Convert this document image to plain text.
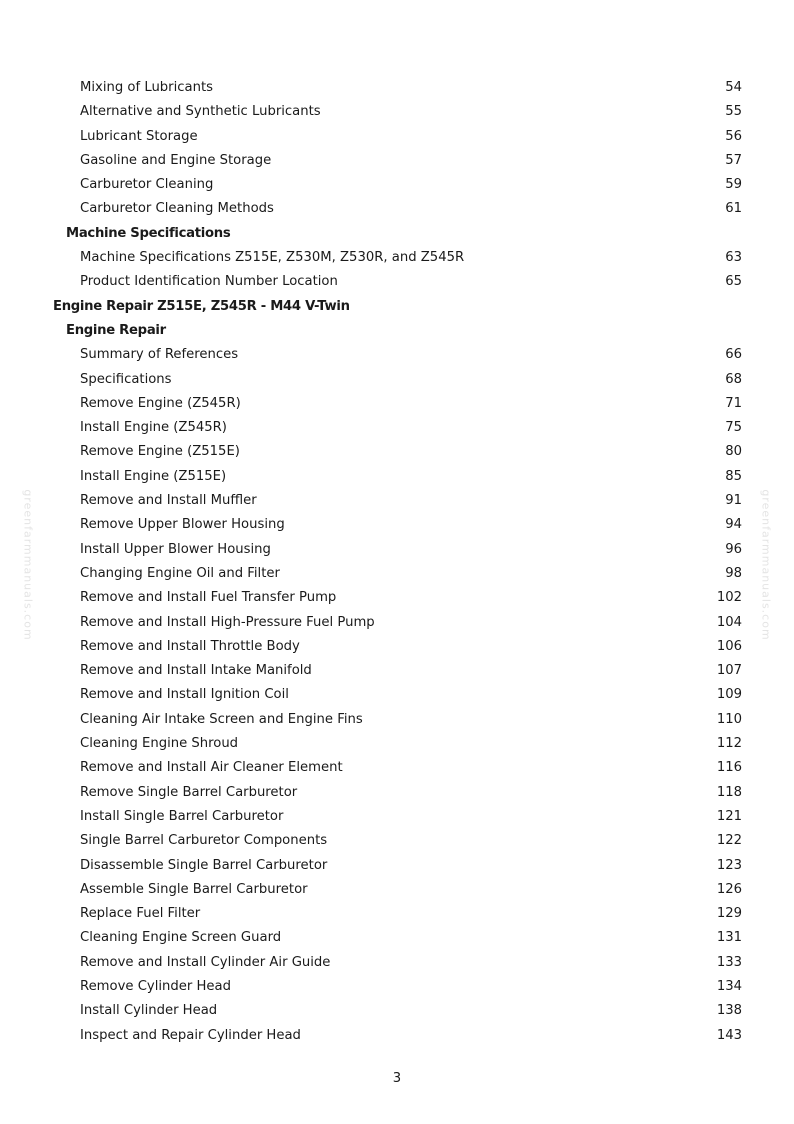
greenfarmmanuals.com	greenfarmmanuals.com
Mixing of Lubricants	54
Alternative and Synthetic Lubricants	55
Lubricant Storage	56
Gasoline and Engine Storage	57
Carburetor Cleaning	59
Carburetor Cleaning Methods	61
Machine Specifications
Machine Specifications Z515E, Z530M, Z530R, and Z545R	63
Product Identification Number Location	65
Engine Repair Z515E, Z545R - M44 V-Twin
Engine Repair
Summary of References	66
Specifications	68
Remove Engine (Z545R)	71
Install Engine (Z545R)	75
Remove Engine (Z515E)	80
Install Engine (Z515E)	85
Remove and Install Muffler	91
Remove Upper Blower Housing	94
Install Upper Blower Housing	96
Changing Engine Oil and Filter	98
Remove and Install Fuel Transfer Pump	102
Remove and Install High-Pressure Fuel Pump	104
Remove and Install Throttle Body	106
Remove and Install Intake Manifold	107
Remove and Install Ignition Coil	109
Cleaning Air Intake Screen and Engine Fins	110
Cleaning Engine Shroud	112
Remove and Install Air Cleaner Element	116
Remove Single Barrel Carburetor	118
Install Single Barrel Carburetor	121
Single Barrel Carburetor Components	122
Disassemble Single Barrel Carburetor	123
Assemble Single Barrel Carburetor	126
Replace Fuel Filter	129
Cleaning Engine Screen Guard	131
Remove and Install Cylinder Air Guide	133
Remove Cylinder Head	134
Install Cylinder Head	138
Inspect and Repair Cylinder Head	143
3
